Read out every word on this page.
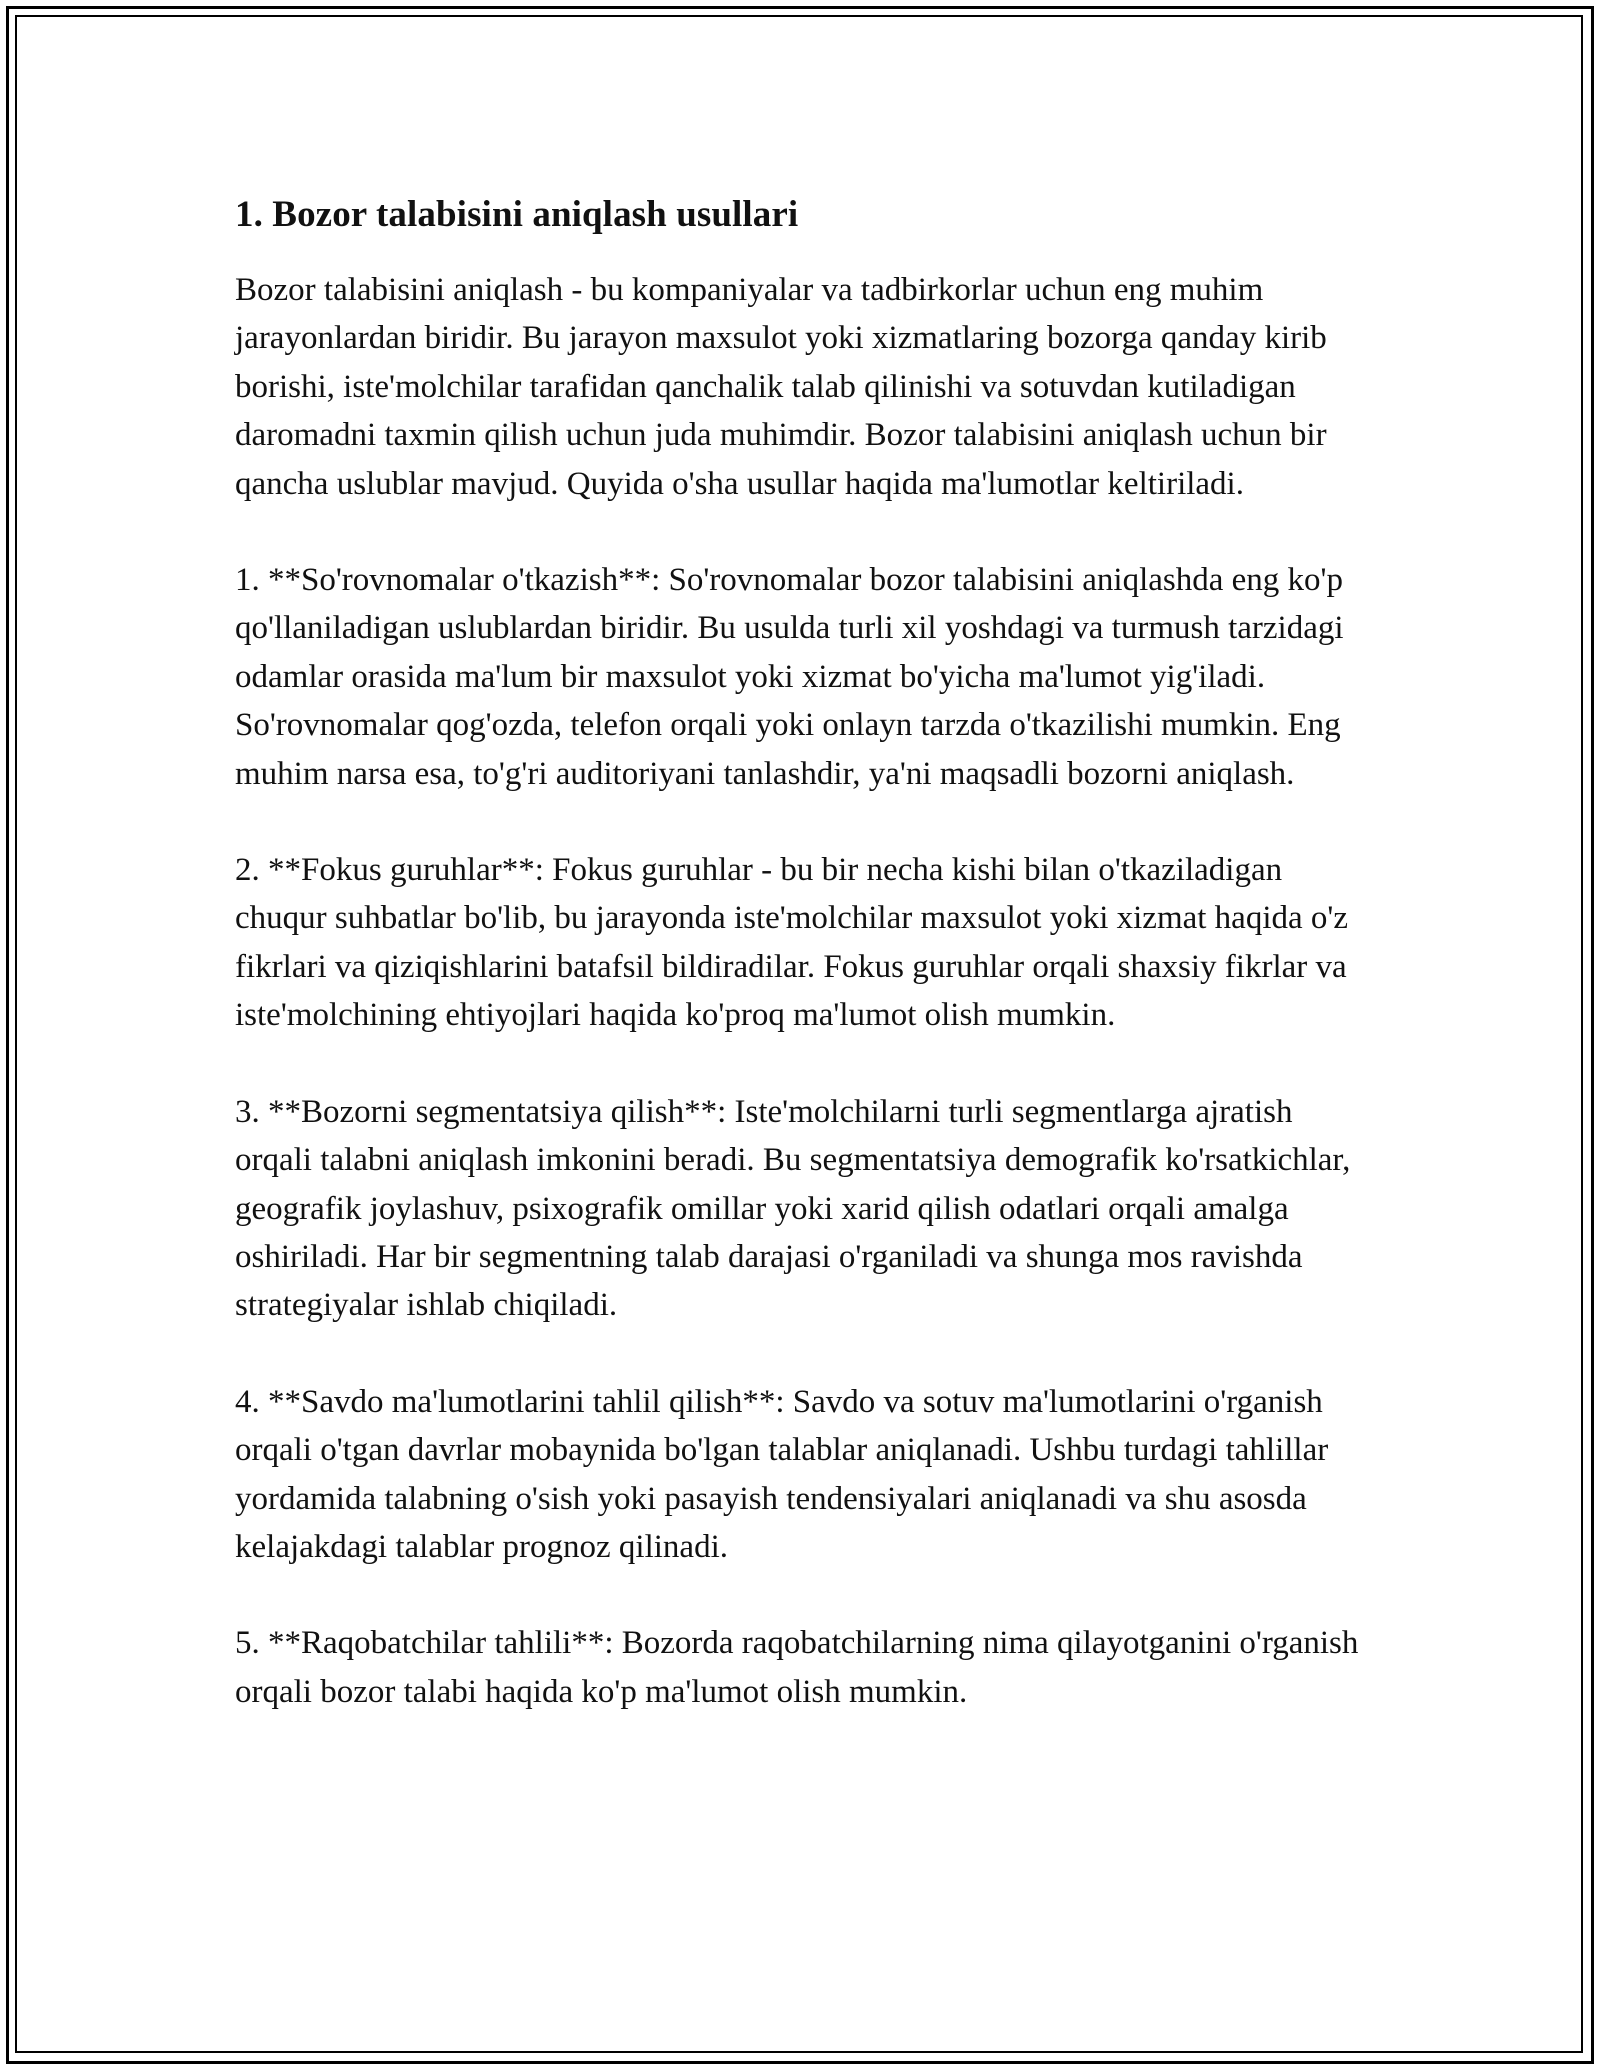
1. Bozor talabisini aniqlash usullari

Bozor talabisini aniqlash - bu kompaniyalar va tadbirkorlar uchun eng muhim jarayonlardan biridir. Bu jarayon maxsulot yoki xizmatlaring bozorga qanday kirib borishi, iste'molchilar tarafidan qanchalik talab qilinishi va sotuvdan kutiladigan daromadni taxmin qilish uchun juda muhimdir. Bozor talabisini aniqlash uchun bir qancha uslublar mavjud. Quyida o'sha usullar haqida ma'lumotlar keltiriladi.

1. **So'rovnomalar o'tkazish**: So'rovnomalar bozor talabisini aniqlashda eng ko'p qo'llaniladigan uslublardan biridir. Bu usulda turli xil yoshdagi va turmush tarzidagi odamlar orasida ma'lum bir maxsulot yoki xizmat bo'yicha ma'lumot yig'iladi. So'rovnomalar qog'ozda, telefon orqali yoki onlayn tarzda o'tkazilishi mumkin. Eng muhim narsa esa, to'g'ri auditoriyani tanlashdir, ya'ni maqsadli bozorni aniqlash.

2. **Fokus guruhlar**: Fokus guruhlar - bu bir necha kishi bilan o'tkaziladigan chuqur suhbatlar bo'lib, bu jarayonda iste'molchilar maxsulot yoki xizmat haqida o'z fikrlari va qiziqishlarini batafsil bildiradilar. Fokus guruhlar orqali shaxsiy fikrlar va iste'molchining ehtiyojlari haqida ko'proq ma'lumot olish mumkin.

3. **Bozorni segmentatsiya qilish**: Iste'molchilarni turli segmentlarga ajratish orqali talabni aniqlash imkonini beradi. Bu segmentatsiya demografik ko'rsatkichlar, geografik joylashuv, psixografik omillar yoki xarid qilish odatlari orqali amalga oshiriladi. Har bir segmentning talab darajasi o'rganiladi va shunga mos ravishda strategiyalar ishlab chiqiladi.

4. **Savdo ma'lumotlarini tahlil qilish**: Savdo va sotuv ma'lumotlarini o'rganish orqali o'tgan davrlar mobaynida bo'lgan talablar aniqlanadi. Ushbu turdagi tahlillar yordamida talabning o'sish yoki pasayish tendensiyalari aniqlanadi va shu asosda kelajakdagi talablar prognoz qilinadi.

5. **Raqobatchilar tahlili**: Bozorda raqobatchilarning nima qilayotganini o'rganish orqali bozor talabi haqida ko'p ma'lumot olish mumkin.
